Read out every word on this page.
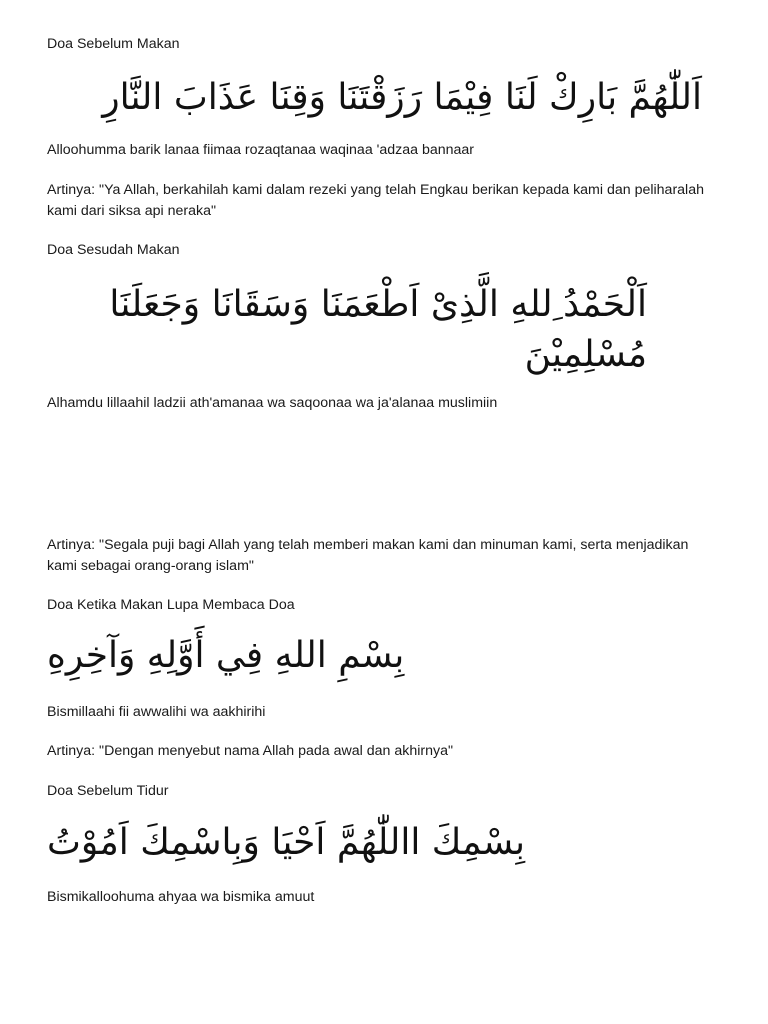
Doa Sebelum Makan

اَللّٰهُمَّ بَارِكْ لَنَا فِيْمَا رَزَقْتَنَا وَقِنَا عَذَابَ النَّارِ

Alloohumma barik lanaa fiimaa rozaqtanaa waqinaa 'adzaa bannaar

Artinya: "Ya Allah, berkahilah kami dalam rezeki yang telah Engkau berikan kepada kami dan peliharalah kami dari siksa api neraka"

Doa Sesudah Makan

اَلْحَمْدُ ِللهِ الَّذِىْ اَطْعَمَنَا وَسَقَانَا وَجَعَلَنَا مُسْلِمِيْنَ

Alhamdu lillaahil ladzii ath'amanaa wa saqoonaa wa ja'alanaa muslimiin

Artinya: "Segala puji bagi Allah yang telah memberi makan kami dan minuman kami, serta menjadikan kami sebagai orang-orang islam"

Doa Ketika Makan Lupa Membaca Doa

بِسْمِ اللهِ فِي أَوَّلِهِ وَآخِرِهِ

Bismillaahi fii awwalihi wa aakhirihi

Artinya: "Dengan menyebut nama Allah pada awal dan akhirnya"

Doa Sebelum Tidur

بِسْمِكَ االلّٰهُمَّ اَحْيَا وَبِاسْمِكَ اَمُوْتُ

Bismikalloohuma ahyaa wa bismika amuut
